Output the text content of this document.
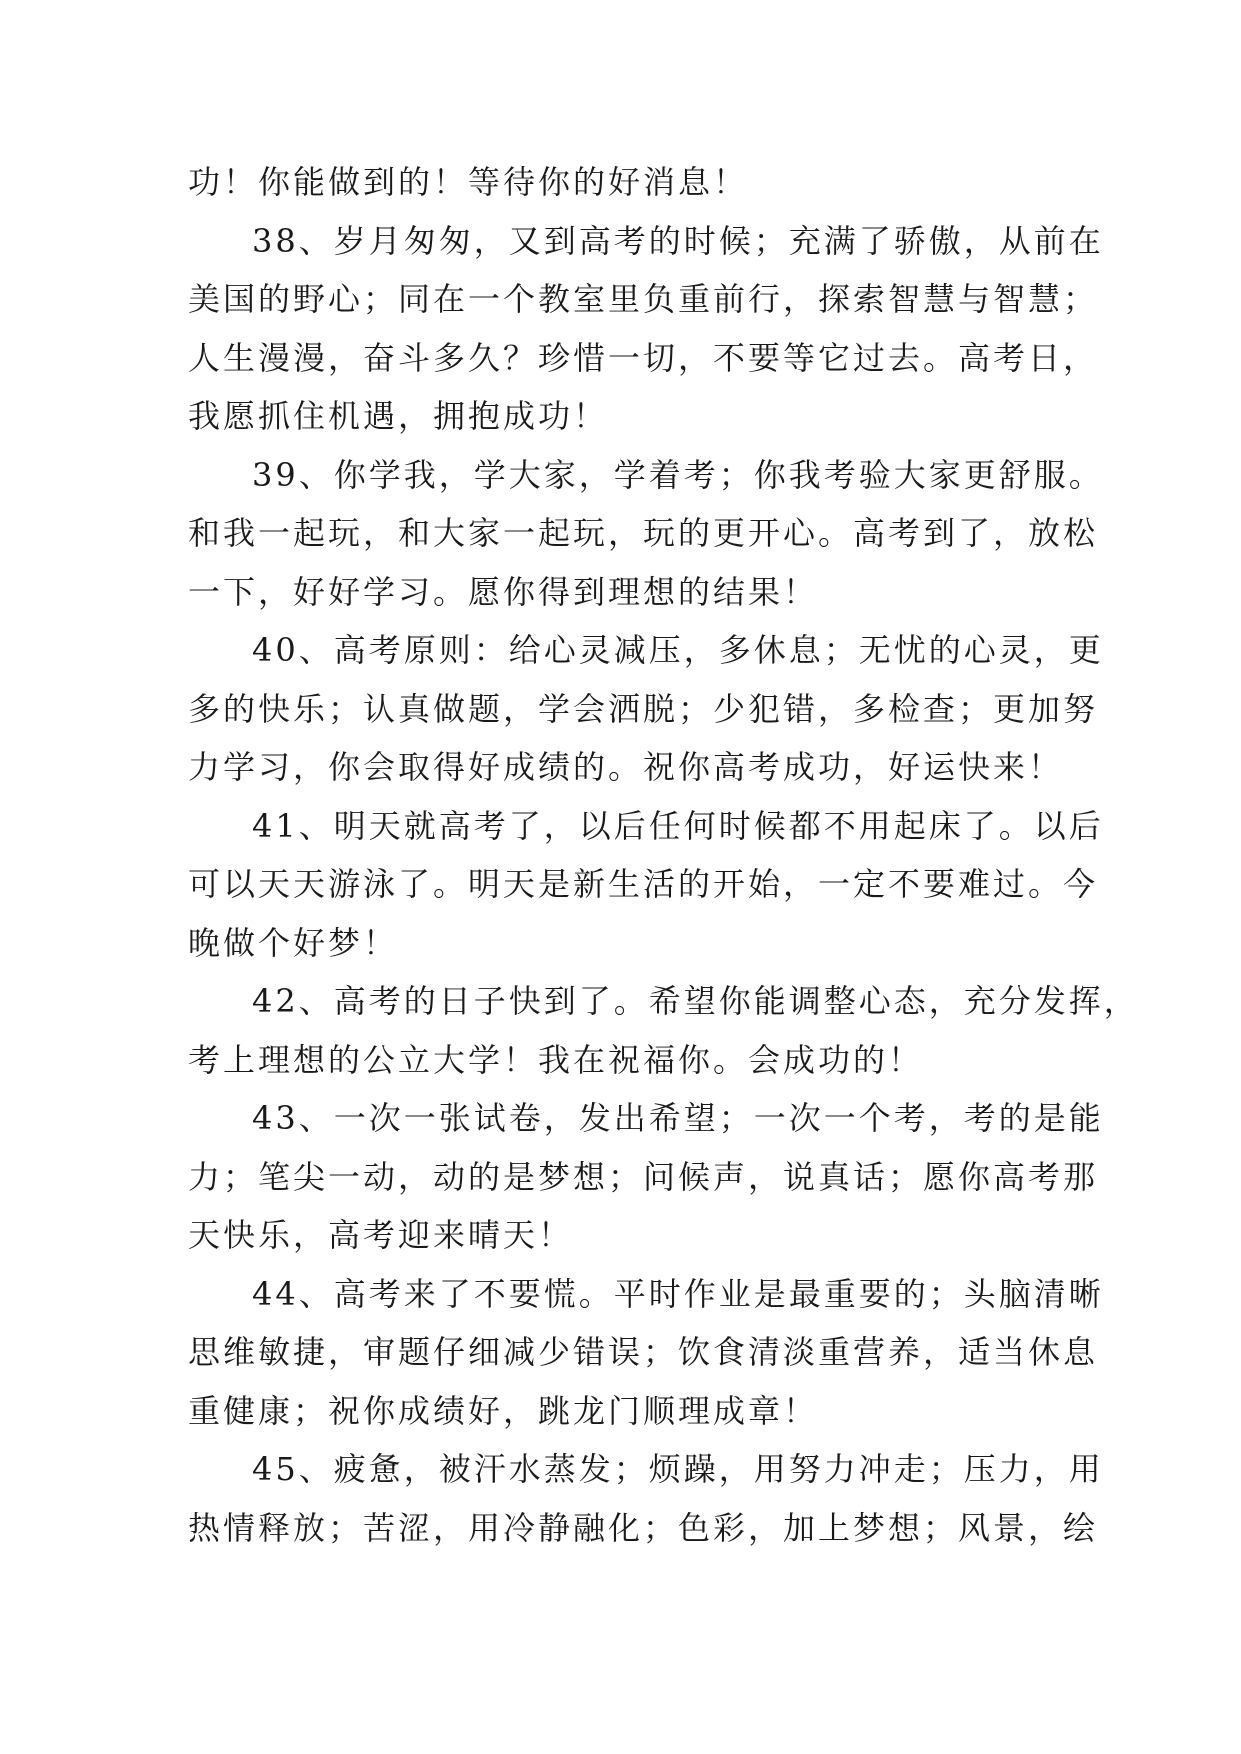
功！你能做到的！等待你的好消息！
38、岁月匆匆，又到高考的时候；充满了骄傲，从前在
美国的野心；同在一个教室里负重前行，探索智慧与智慧；
人生漫漫，奋斗多久？珍惜一切，不要等它过去。高考日，
我愿抓住机遇，拥抱成功！
39、你学我，学大家，学着考；你我考验大家更舒服。
和我一起玩，和大家一起玩，玩的更开心。高考到了，放松
一下，好好学习。愿你得到理想的结果！
40、高考原则：给心灵减压，多休息；无忧的心灵，更
多的快乐；认真做题，学会洒脱；少犯错，多检查；更加努
力学习，你会取得好成绩的。祝你高考成功，好运快来！
41、明天就高考了，以后任何时候都不用起床了。以后
可以天天游泳了。明天是新生活的开始，一定不要难过。今
晚做个好梦！
42、高考的日子快到了。希望你能调整心态，充分发挥，
考上理想的公立大学！我在祝福你。会成功的！
43、一次一张试卷，发出希望；一次一个考，考的是能
力；笔尖一动，动的是梦想；问候声，说真话；愿你高考那
天快乐，高考迎来晴天！
44、高考来了不要慌。平时作业是最重要的；头脑清晰
思维敏捷，审题仔细减少错误；饮食清淡重营养，适当休息
重健康；祝你成绩好，跳龙门顺理成章！
45、疲惫，被汗水蒸发；烦躁，用努力冲走；压力，用
热情释放；苦涩，用冷静融化；色彩，加上梦想；风景，绘
